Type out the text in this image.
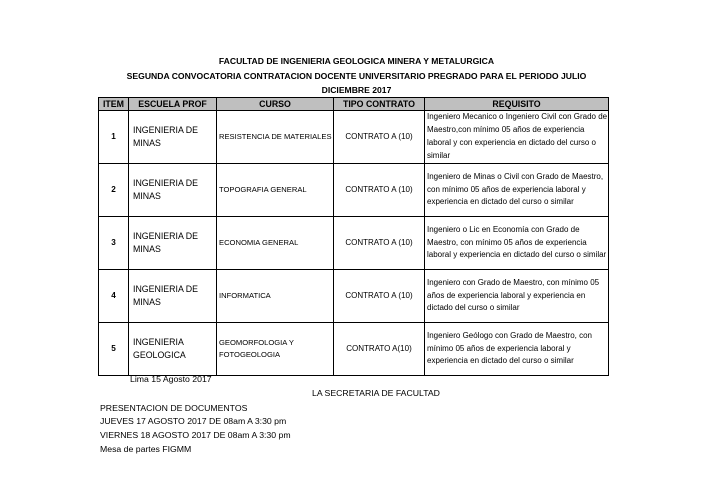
FACULTAD DE INGENIERIA GEOLOGICA MINERA Y METALURGICA
SEGUNDA CONVOCATORIA CONTRATACION DOCENTE UNIVERSITARIO PREGRADO PARA EL PERIODO JULIO
DICIEMBRE 2017
ITEM	ESCUELA PROF	CURSO	TIPO CONTRATO	REQUISITO
1	INGENIERIA DE MINAS	RESISTENCIA DE MATERIALES	CONTRATO A (10)	Ingeniero Mecanico o Ingeniero Civil con Grado de Maestro,con mínimo 05 años de experiencia laboral y con experiencia en dictado del curso o similar
2	INGENIERIA DE MINAS	TOPOGRAFIA GENERAL	CONTRATO A (10)	Ingeniero de Minas o Civil con Grado de Maestro, con mínimo 05 años de experiencia laboral y experiencia en dictado del curso o similar
3	INGENIERIA DE MINAS	ECONOMIA GENERAL	CONTRATO A (10)	Ingeniero o Lic en Economía con Grado de Maestro, con mínimo 05 años de experiencia laboral y experiencia en dictado del curso o similar
4	INGENIERIA DE MINAS	INFORMATICA	CONTRATO A (10)	Ingeniero con Grado de Maestro, con mínimo 05 años de experiencia laboral y experiencia en dictado del curso o similar
5	INGENIERIA GEOLOGICA	GEOMORFOLOGIA Y FOTOGEOLOGIA	CONTRATO A(10)	Ingeniero Geólogo con Grado de Maestro, con mínimo 05 años de experiencia laboral y experiencia en dictado del curso o similar
Lima 15 Agosto 2017
LA SECRETARIA DE FACULTAD
PRESENTACION DE DOCUMENTOS
JUEVES 17 AGOSTO 2017 DE 08am A 3:30 pm
VIERNES 18 AGOSTO 2017 DE 08am A 3:30 pm
Mesa de partes FIGMM
